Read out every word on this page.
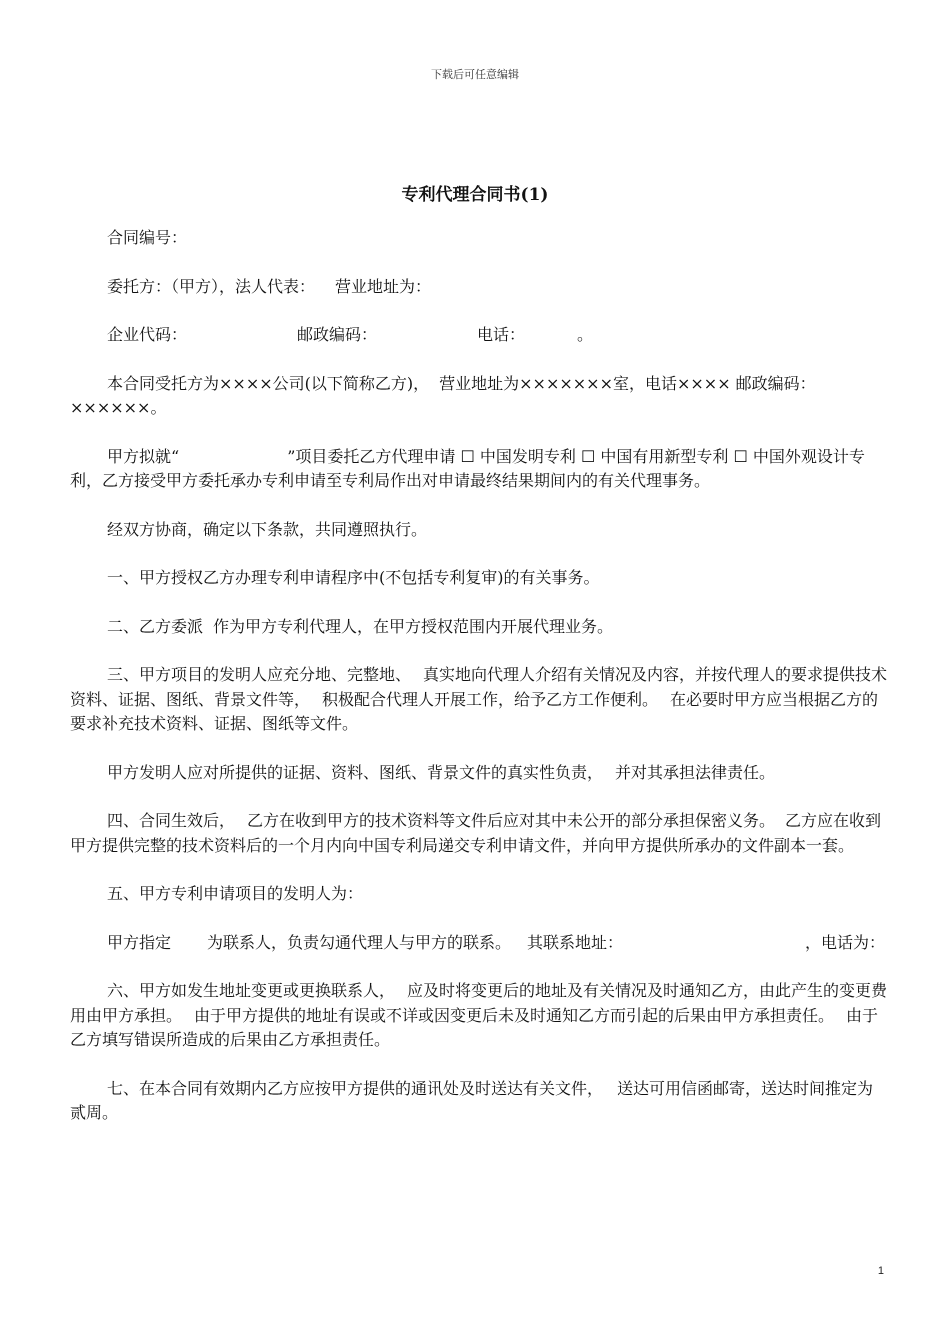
下载后可任意编辑
专利代理合同书(1)

合同编号：

委托方：（甲方），法人代表： 营业地址为：

企业代码：	邮政编码：	电话：	。

本合同受托方为××××公司(以下简称乙方)， 营业地址为×××××××室，电话×××× 邮政编码：××××××。

甲方拟就“	”项目委托乙方代理申请 ☐ 中国发明专利 ☐ 中国有用新型专利 ☐ 中国外观设计专利，乙方接受甲方委托承办专利申请至专利局作出对申请最终结果期间内的有关代理事务。

经双方协商，确定以下条款，共同遵照执行。

一、甲方授权乙方办理专利申请程序中(不包括专利复审)的有关事务。

二、乙方委派 作为甲方专利代理人，在甲方授权范围内开展代理业务。

三、甲方项目的发明人应充分地、完整地、 真实地向代理人介绍有关情况及内容，并按代理人的要求提供技术资料、证据、图纸、背景文件等， 积极配合代理人开展工作，给予乙方工作便利。 在必要时甲方应当根据乙方的要求补充技术资料、证据、图纸等文件。

甲方发明人应对所提供的证据、资料、图纸、背景文件的真实性负责， 并对其承担法律责任。

四、合同生效后， 乙方在收到甲方的技术资料等文件后应对其中未公开的部分承担保密义务。 乙方应在收到甲方提供完整的技术资料后的一个月内向中国专利局递交专利申请文件，并向甲方提供所承办的文件副本一套。

五、甲方专利申请项目的发明人为：

甲方指定 为联系人，负责勾通代理人与甲方的联系。 其联系地址：	，电话为：

六、甲方如发生地址变更或更换联系人， 应及时将变更后的地址及有关情况及时通知乙方，由此产生的变更费用由甲方承担。 由于甲方提供的地址有误或不详或因变更后未及时通知乙方而引起的后果由甲方承担责任。 由于乙方填写错误所造成的后果由乙方承担责任。

七、在本合同有效期内乙方应按甲方提供的通讯处及时送达有关文件， 送达可用信函邮寄，送达时间推定为贰周。

1
